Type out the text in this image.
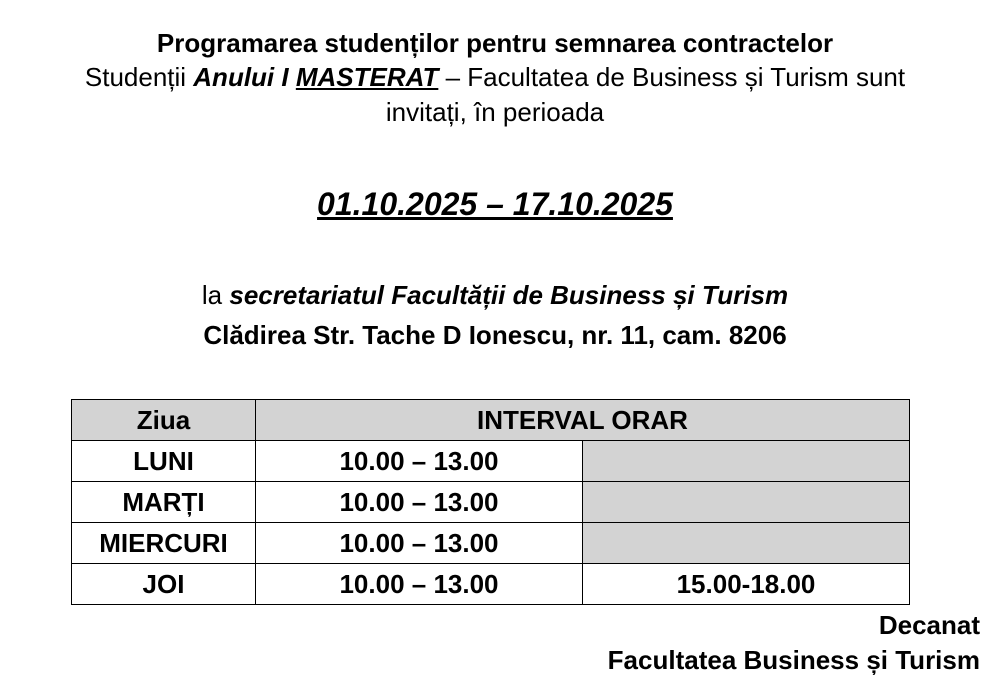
Programarea studenților pentru semnarea contractelor
Studenții Anului I MASTERAT – Facultatea de Business și Turism sunt
invitați, în perioada
01.10.2025 – 17.10.2025
la secretariatul Facultății de Business și Turism
Clădirea Str. Tache D Ionescu, nr. 11, cam. 8206
Ziua	INTERVAL ORAR	
LUNI	10.00 – 13.00	
MARȚI	10.00 – 13.00	
MIERCURI	10.00 – 13.00	
JOI	10.00 – 13.00	15.00-18.00
Decanat
Facultatea Business și Turism
